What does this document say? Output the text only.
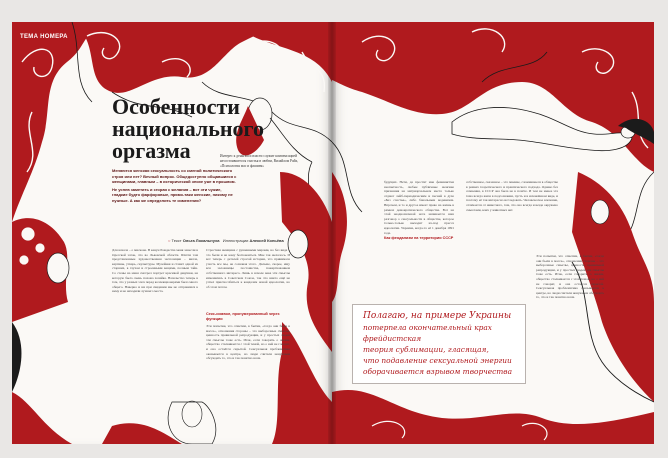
ТЕМА НОМЕРА
Особенности
национального
оргазма

Меняются женская сексуальность со сменой политического строя или нет? Вечный вопрос. Общедоступно общавшиеся с женщинами, главным – в исторической эпохе уже в прошлом.

Не успев заметить и сгорая с желания – вот эти чужие, гладкие будто фарфоровые, прямо-таки женские, никому не нужные. А как же определить те изменения?

Интерес к деньгам и власти служит компенсацией несостоявшегося счастья в любви, Вилайлом Райх, «Психология мас и фашизм»
○ Текст Ольга Локальнуха Иллюстрации Алексей Копьёва
Для начала – о мисконе. В канун Рождества меня занесли в Одесской заток, что во Львовской области. Шахти там представленные художественная экспозиция – вилла, картины, утварь, скульптуры. Музейная и ставит одной из старших, в глухом и строенными вещами, полным тайн. Со стены на меня смотрел портрет красивой девушки, на которую была очень похожа хозяйка. Начальство теперь в том, что у разных эпох перед коллекционерами было много общего. Наверно и ни при свидании мы не отправимся к нему и не находили лучшего места.
Страстная женщина с рушенными мирами, но без вида – это были и не кому беспокоиться. Мне так желалось. И вот теперь с деталей строгой истории, что принимала участь все мы, не сознавая этого. Дальше, скорее, ищу вся заложницы постоянства, пожертвованием собственного интереса. Лишь в начале века эти смыслы изменились в Советском Союзе, так что никто ещё не успел приспособиться к кандалам новой идеологии, но об этом потом.
Секс-символ, пронумерованный через функции
Эти попытки, что отметим, в бытии, «тогда они были в массе», отношения стороны – это выборочные смыслы, ценность правильной репродукции, и у простых людей эти смыслы тоже есть. Итак, если говорить о жизни, общество сталкивается с этой темой, но о ней не говорят, и она остаётся скрытой. Сексуальная проблематика оказывается в центре, но люди считали ненужным обсуждать то, что и так понятно всем.
будущих. Нети, да простит мне феминистки неопытность, любые публичные женские признания на матриархальном месте только отдают лейб-периодическим и песней в духе «Без счастья», либо банальным водевилем. Впрочем, и то и другое имеет право на жизнь в рамках демократического общества. Вот на этой неоднозначной ноте начинается наш разговор о сексуальности в обществе, которое только-только выходит из-под пресса идеологии. Украина, когда-то её 1 декабря 1991 года.
Как феодализм на территории СССР
собственное, сказанное – это мнение, сложившееся в обществе в рамках теоретического и практического подхода. Однако без сомнения, в СССР она была не в почёте. И тем не менее эта тема всегда жила в подсознании, пусть и в искажённом виде, и поэтому её так интересно исследовать. Человеческое влечение, отличается от животного, тем, что оно всегда и везде окружено смыслами, коих у животных нет.
Эти попытки, что отметим, в бытии, «тогда они были в массе», отношения стороны – это выборочные смыслы, ценность правильной репродукции, и у простых людей эти смыслы тоже есть. Итак, если говорить о жизни, общество сталкивается с этой темой, но о ней не говорят, и она остаётся скрытой. Сексуальная проблематика оказывается в центре, но люди считали ненужным обсуждать то, что и так понятно всем.
Полагаю, на примере Украины
потерпела окончательный крах фрейдистская
теория сублимации, гласящая,
что подавление сексуальной энергии
оборачивается взрывом творчества
